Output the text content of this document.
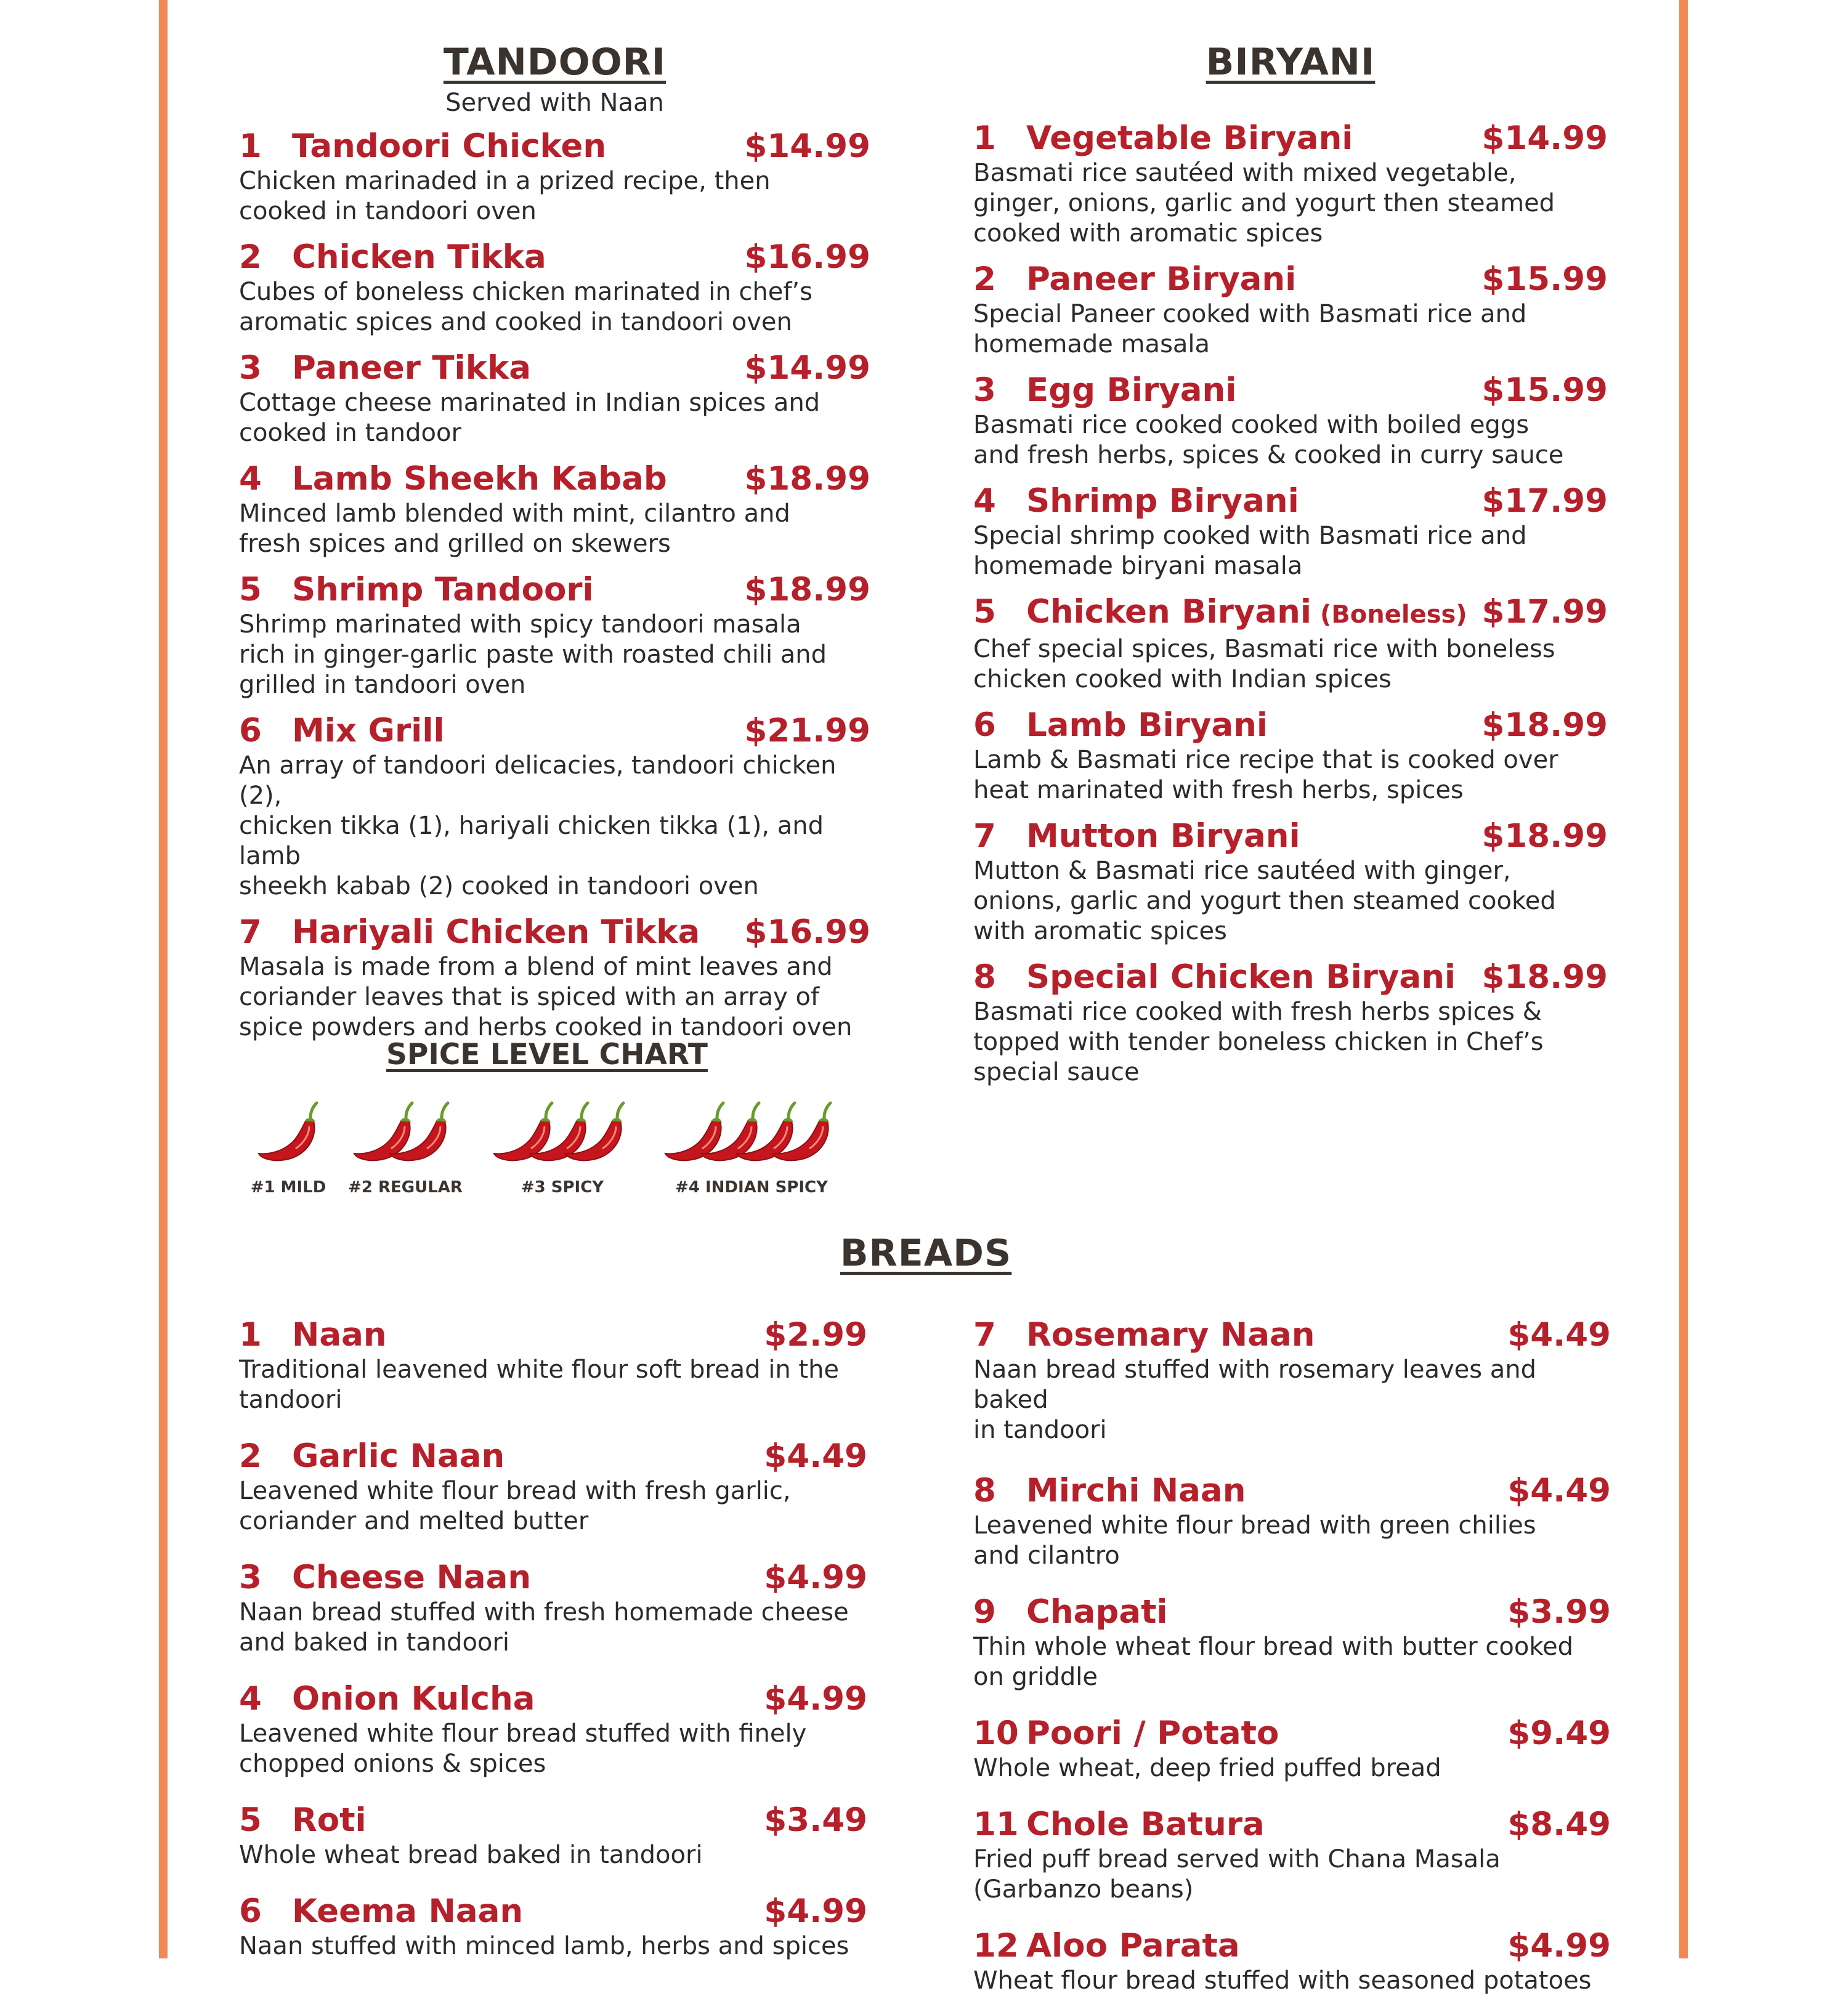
TANDOORI
Served with Naan
1 Tandoori Chicken	$14.99
Chicken marinaded in a prized recipe, then
cooked in tandoori oven
2 Chicken Tikka	$16.99
Cubes of boneless chicken marinated in chef’s
aromatic spices and cooked in tandoori oven
3 Paneer Tikka	$14.99
Cottage cheese marinated in Indian spices and
cooked in tandoor
4 Lamb Sheekh Kabab	$18.99
Minced lamb blended with mint, cilantro and
fresh spices and grilled on skewers
5 Shrimp Tandoori	$18.99
Shrimp marinated with spicy tandoori masala
rich in ginger-garlic paste with roasted chili and
grilled in tandoori oven
6 Mix Grill	$21.99
An array of tandoori delicacies, tandoori chicken (2),
chicken tikka (1), hariyali chicken tikka (1), and lamb
sheekh kabab (2) cooked in tandoori oven
7 Hariyali Chicken Tikka	$16.99
Masala is made from a blend of mint leaves and
coriander leaves that is spiced with an array of
spice powders and herbs cooked in tandoori oven
BIRYANI
1 Vegetable Biryani	$14.99
Basmati rice sautéed with mixed vegetable,
ginger, onions, garlic and yogurt then steamed
cooked with aromatic spices
2 Paneer Biryani	$15.99
Special Paneer cooked with Basmati rice and
homemade masala
3 Egg Biryani	$15.99
Basmati rice cooked cooked with boiled eggs
and fresh herbs, spices & cooked in curry sauce
4 Shrimp Biryani	$17.99
Special shrimp cooked with Basmati rice and
homemade biryani masala
5 Chicken Biryani (Boneless) $17.99
Chef special spices, Basmati rice with boneless
chicken cooked with Indian spices
6 Lamb Biryani	$18.99
Lamb & Basmati rice recipe that is cooked over
heat marinated with fresh herbs, spices
7 Mutton Biryani	$18.99
Mutton & Basmati rice sautéed with ginger,
onions, garlic and yogurt then steamed cooked
with aromatic spices
8 Special Chicken Biryani $18.99
Basmati rice cooked with fresh herbs spices &
topped with tender boneless chicken in Chef’s
special sauce
SPICE LEVEL CHART
#1 MILD	#2 REGULAR	#3 SPICY	#4 INDIAN SPICY
BREADS
1 Naan	$2.99
Traditional leavened white flour soft bread in the
tandoori
2 Garlic Naan	$4.49
Leavened white flour bread with fresh garlic,
coriander and melted butter
3 Cheese Naan	$4.99
Naan bread stuffed with fresh homemade cheese
and baked in tandoori
4 Onion Kulcha	$4.99
Leavened white flour bread stuffed with finely
chopped onions & spices
5 Roti	$3.49
Whole wheat bread baked in tandoori
6 Keema Naan	$4.99
Naan stuffed with minced lamb, herbs and spices
7 Rosemary Naan	$4.49
Naan bread stuffed with rosemary leaves and baked
in tandoori
8 Mirchi Naan	$4.49
Leavened white flour bread with green chilies
and cilantro
9 Chapati	$3.99
Thin whole wheat flour bread with butter cooked
on griddle
10 Poori / Potato	$9.49
Whole wheat, deep fried puffed bread
11 Chole Batura	$8.49
Fried puff bread served with Chana Masala
(Garbanzo beans)
12 Aloo Parata	$4.99
Wheat flour bread stuffed with seasoned potatoes
